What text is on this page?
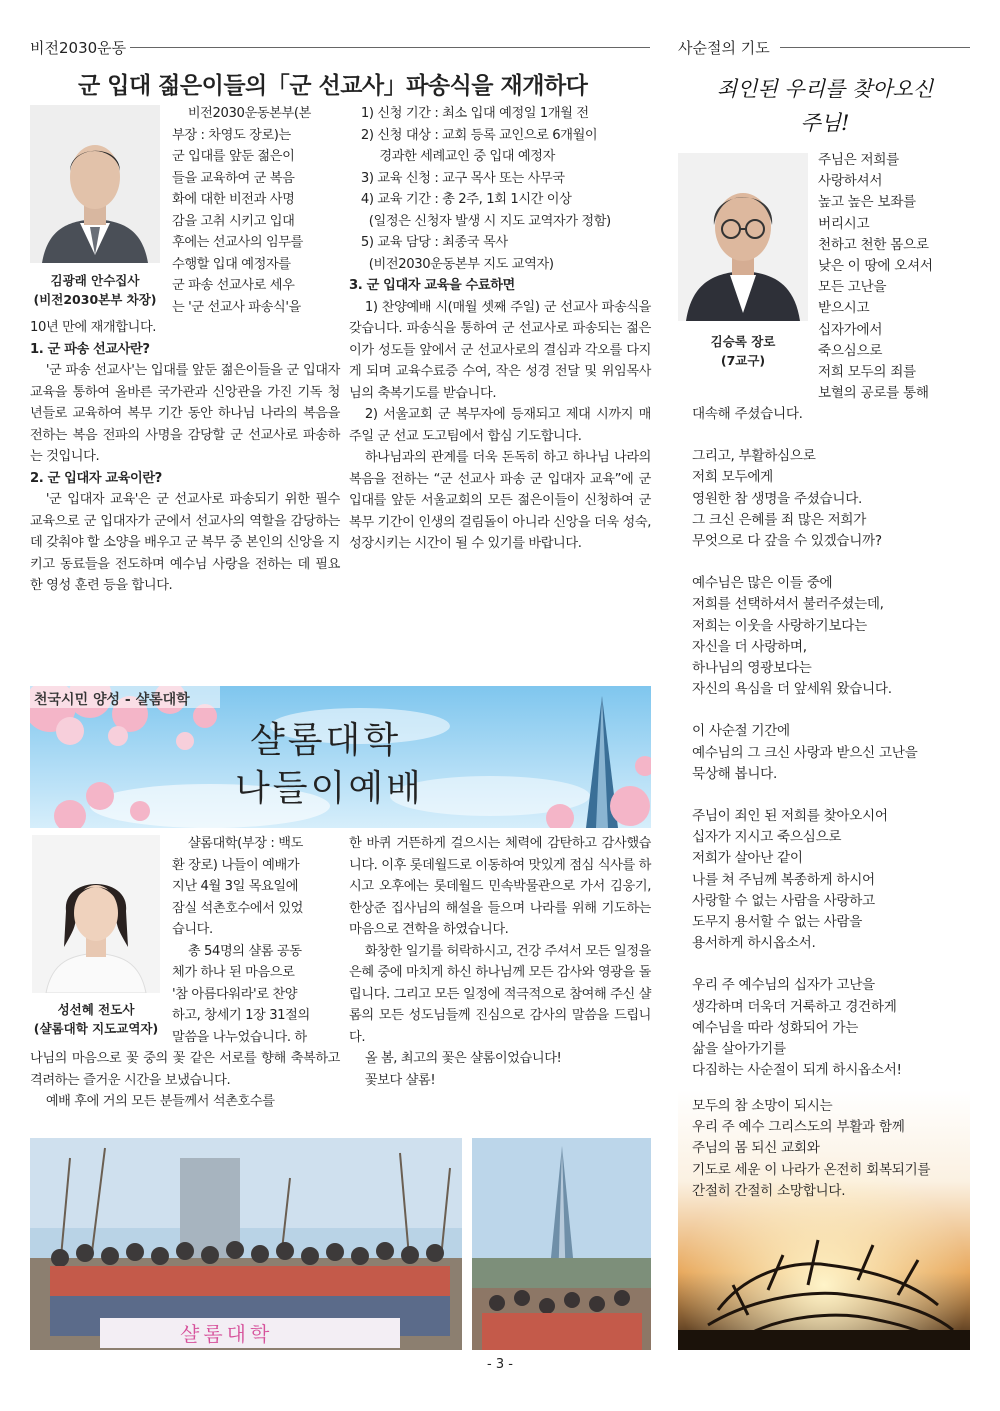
비전2030운동
군 입대 젊은이들의「군 선교사」파송식을 재개하다
김광래 안수집사
(비전2030본부 차장)

비전2030운동본부(본

부장 : 차영도 장로)는

군 입대를 앞둔 젊은이

들을 교육하여 군 복음

화에 대한 비전과 사명

감을 고취 시키고 입대

후에는 선교사의 임무를

수행할 입대 예정자를

군 파송 선교사로 세우

는 '군 선교사 파송식'을

10년 만에 재개합니다.

1. 군 파송 선교사란?

'군 파송 선교사'는 입대를 앞둔 젊은이들을 군 입대자 교육을 통하여 올바른 국가관과 신앙관을 가진 기독 청년들로 교육하여 복무 기간 동안 하나님 나라의 복음을 전하는 복음 전파의 사명을 감당할 군 선교사로 파송하는 것입니다.

2. 군 입대자 교육이란?

'군 입대자 교육'은 군 선교사로 파송되기 위한 필수 교육으로 군 입대자가 군에서 선교사의 역할을 감당하는 데 갖춰야 할 소양을 배우고 군 복무 중 본인의 신앙을 지키고 동료들을 전도하며 예수님 사랑을 전하는 데 필요한 영성 훈련 등을 합니다.

1) 신청 기간 : 최소 입대 예정일 1개월 전

2) 신청 대상 : 교회 등록 교인으로 6개월이

경과한 세례교인 중 입대 예정자

3) 교육 신청 : 교구 목사 또는 사무국

4) 교육 기간 : 총 2주, 1회 1시간 이상

(일정은 신청자 발생 시 지도 교역자가 정함)

5) 교육 담당 : 최종국 목사

(비전2030운동본부 지도 교역자)

3. 군 입대자 교육을 수료하면

1) 찬양예배 시(매월 셋째 주일) 군 선교사 파송식을 갖습니다. 파송식을 통하여 군 선교사로 파송되는 젊은이가 성도들 앞에서 군 선교사로의 결심과 각오를 다지게 되며 교육수료증 수여, 작은 성경 전달 및 위임목사님의 축복기도를 받습니다.

2) 서울교회 군 복무자에 등재되고 제대 시까지 매 주일 군 선교 도고팀에서 합심 기도합니다.

하나님과의 관계를 더욱 돈독히 하고 하나님 나라의 복음을 전하는 “군 선교사 파송 군 입대자 교육”에 군 입대를 앞둔 서울교회의 모든 젊은이들이 신청하여 군 복무 기간이 인생의 걸림돌이 아니라 신앙을 더욱 성숙, 성장시키는 시간이 될 수 있기를 바랍니다.

천국시민 양성 - 샬롬대학
샬롬대학
나들이예배
성선혜 전도사
(샬롬대학 지도교역자)

샬롬대학(부장 : 백도

환 장로) 나들이 예배가

지난 4월 3일 목요일에

잠실 석촌호수에서 있었

습니다.

총 54명의 샬롬 공동

체가 하나 된 마음으로

'참 아름다워라'로 찬양

하고, 창세기 1장 31절의

말씀을 나누었습니다. 하

나님의 마음으로 꽃 중의 꽃 같은 서로를 향해 축복하고 격려하는 즐거운 시간을 보냈습니다.

예배 후에 거의 모든 분들께서 석촌호수를

한 바퀴 거뜬하게 걸으시는 체력에 감탄하고 감사했습니다. 이후 롯데월드로 이동하여 맛있게 점심 식사를 하시고 오후에는 롯데월드 민속박물관으로 가서 김웅기, 한상준 집사님의 해설을 들으며 나라를 위해 기도하는 마음으로 견학을 하였습니다.

화창한 일기를 허락하시고, 건강 주셔서 모든 일정을 은혜 중에 마치게 하신 하나님께 모든 감사와 영광을 돌립니다. 그리고 모든 일정에 적극적으로 참여해 주신 샬롬의 모든 성도님들께 진심으로 감사의 말씀을 드립니다.

올 봄, 최고의 꽃은 샬롬이었습니다!

꽃보다 샬롬!

샬롬대학
- 3 -
사순절의 기도
죄인된 우리를 찾아오신
주님!
김승록 장로
(7교구)
주님은 저희를
사랑하셔서
높고 높은 보좌를
버리시고
천하고 천한 몸으로
낮은 이 땅에 오셔서
모든 고난을
받으시고
십자가에서
죽으심으로
저희 모두의 죄를
보혈의 공로를 통해

대속해 주셨습니다.

그리고, 부활하심으로
저희 모두에게
영원한 참 생명을 주셨습니다.
그 크신 은혜를 죄 많은 저희가
무엇으로 다 갚을 수 있겠습니까?

예수님은 많은 이들 중에
저희를 선택하셔서 불러주셨는데,
저희는 이웃을 사랑하기보다는
자신을 더 사랑하며,
하나님의 영광보다는
자신의 욕심을 더 앞세워 왔습니다.

이 사순절 기간에
예수님의 그 크신 사랑과 받으신 고난을
묵상해 봅니다.

주님이 죄인 된 저희를 찾아오시어
십자가 지시고 죽으심으로
저희가 살아난 같이
나를 쳐 주님께 복종하게 하시어
사랑할 수 없는 사람을 사랑하고
도무지 용서할 수 없는 사람을
용서하게 하시옵소서.

우리 주 예수님의 십자가 고난을
생각하며 더욱더 거룩하고 경건하게
예수님을 따라 성화되어 가는
삶을 살아가기를
다짐하는 사순절이 되게 하시옵소서!

모두의 참 소망이 되시는
우리 주 예수 그리스도의 부활과 함께
주님의 몸 되신 교회와
기도로 세운 이 나라가 온전히 회복되기를
간절히 간절히 소망합니다.
